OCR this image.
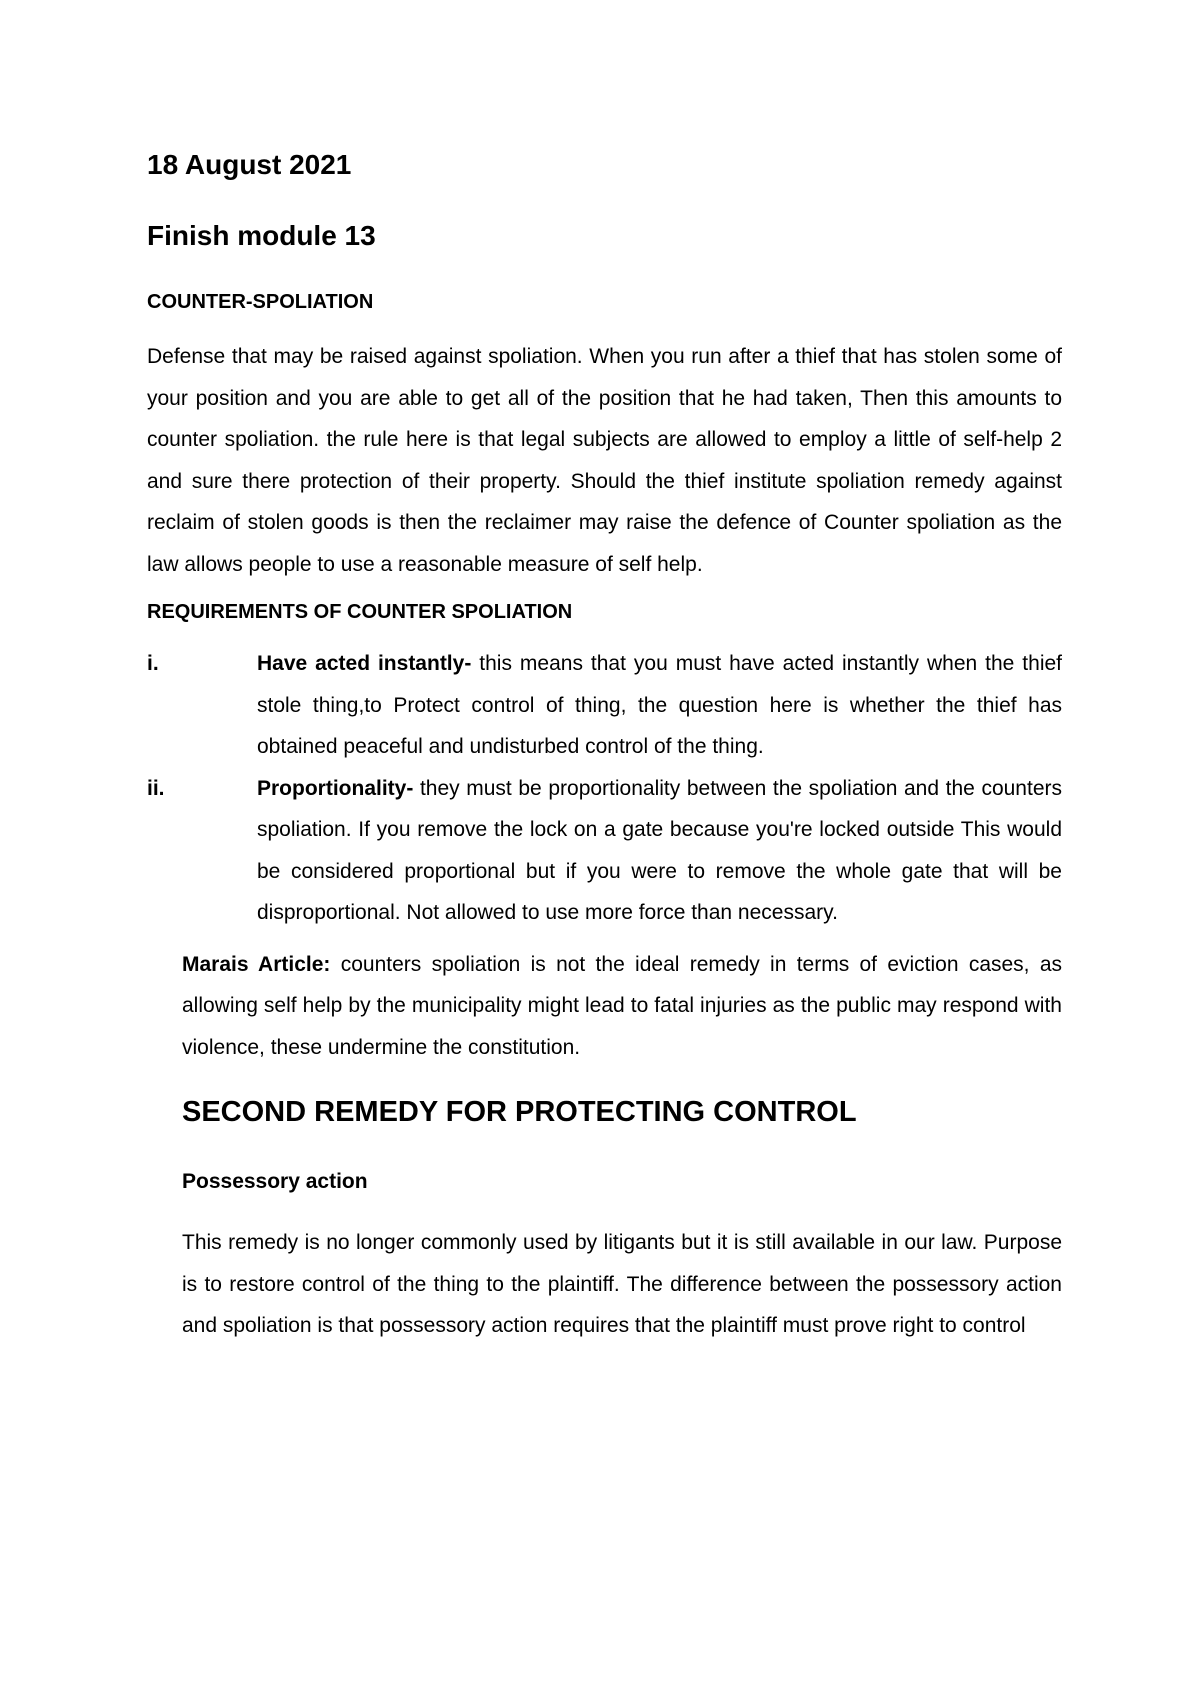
18 August 2021
Finish module 13
COUNTER-SPOLIATION

Defense that may be raised against spoliation. When you run after a thief that has stolen some of your position and you are able to get all of the position that he had taken, Then this amounts to counter spoliation. the rule here is that legal subjects are allowed to employ a little of self-help 2 and sure there protection of their property. Should the thief institute spoliation remedy against reclaim of stolen goods is then the reclaimer may raise the defence of Counter spoliation as the law allows people to use a reasonable measure of self help.

REQUIREMENTS OF COUNTER SPOLIATION
i.	Have acted instantly- this means that you must have acted instantly when the thief stole thing,to Protect control of thing, the question here is whether the thief has obtained peaceful and undisturbed control of the thing.
ii.	Proportionality- they must be proportionality between the spoliation and the counters spoliation. If you remove the lock on a gate because you're locked outside This would be considered proportional but if you were to remove the whole gate that will be disproportional. Not allowed to use more force than necessary.

Marais Article: counters spoliation is not the ideal remedy in terms of eviction cases, as allowing self help by the municipality might lead to fatal injuries as the public may respond with violence, these undermine the constitution.

SECOND REMEDY FOR PROTECTING CONTROL
Possessory action

This remedy is no longer commonly used by litigants but it is still available in our law. Purpose is to restore control of the thing to the plaintiff. The difference between the possessory action and spoliation is that possessory action requires that the plaintiff must prove right to control
